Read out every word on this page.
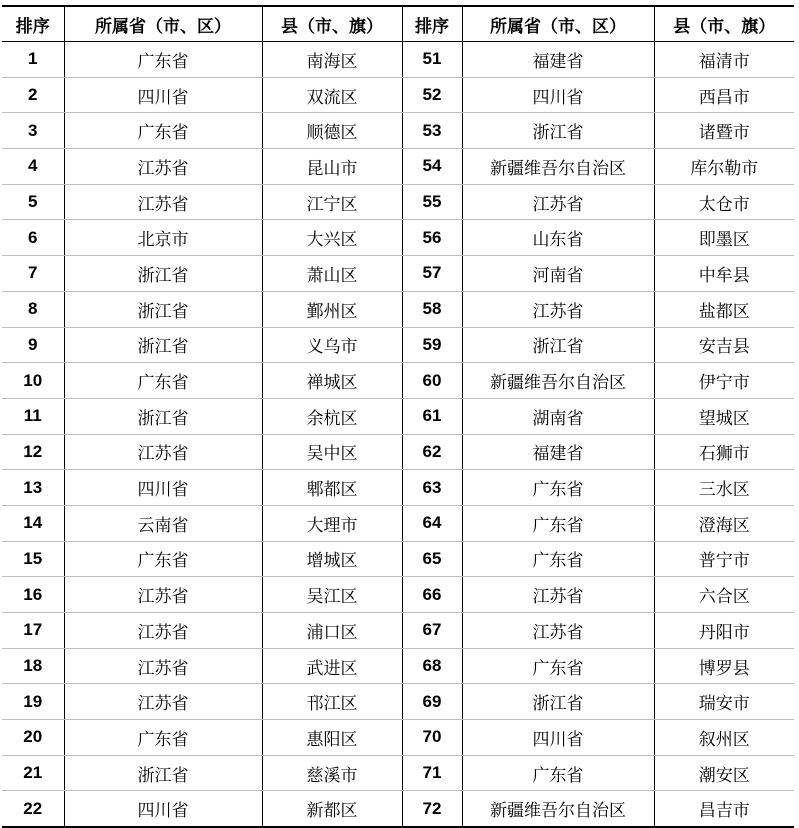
排序	所属省（市、区）	县（市、旗）	排序	所属省（市、区）	县（市、旗）
1	广东省	南海区	51	福建省	福清市
2	四川省	双流区	52	四川省	西昌市
3	广东省	顺德区	53	浙江省	诸暨市
4	江苏省	昆山市	54	新疆维吾尔自治区	库尔勒市
5	江苏省	江宁区	55	江苏省	太仓市
6	北京市	大兴区	56	山东省	即墨区
7	浙江省	萧山区	57	河南省	中牟县
8	浙江省	鄞州区	58	江苏省	盐都区
9	浙江省	义乌市	59	浙江省	安吉县
10	广东省	禅城区	60	新疆维吾尔自治区	伊宁市
11	浙江省	余杭区	61	湖南省	望城区
12	江苏省	吴中区	62	福建省	石狮市
13	四川省	郫都区	63	广东省	三水区
14	云南省	大理市	64	广东省	澄海区
15	广东省	增城区	65	广东省	普宁市
16	江苏省	吴江区	66	江苏省	六合区
17	江苏省	浦口区	67	江苏省	丹阳市
18	江苏省	武进区	68	广东省	博罗县
19	江苏省	邗江区	69	浙江省	瑞安市
20	广东省	惠阳区	70	四川省	叙州区
21	浙江省	慈溪市	71	广东省	潮安区
22	四川省	新都区	72	新疆维吾尔自治区	昌吉市
